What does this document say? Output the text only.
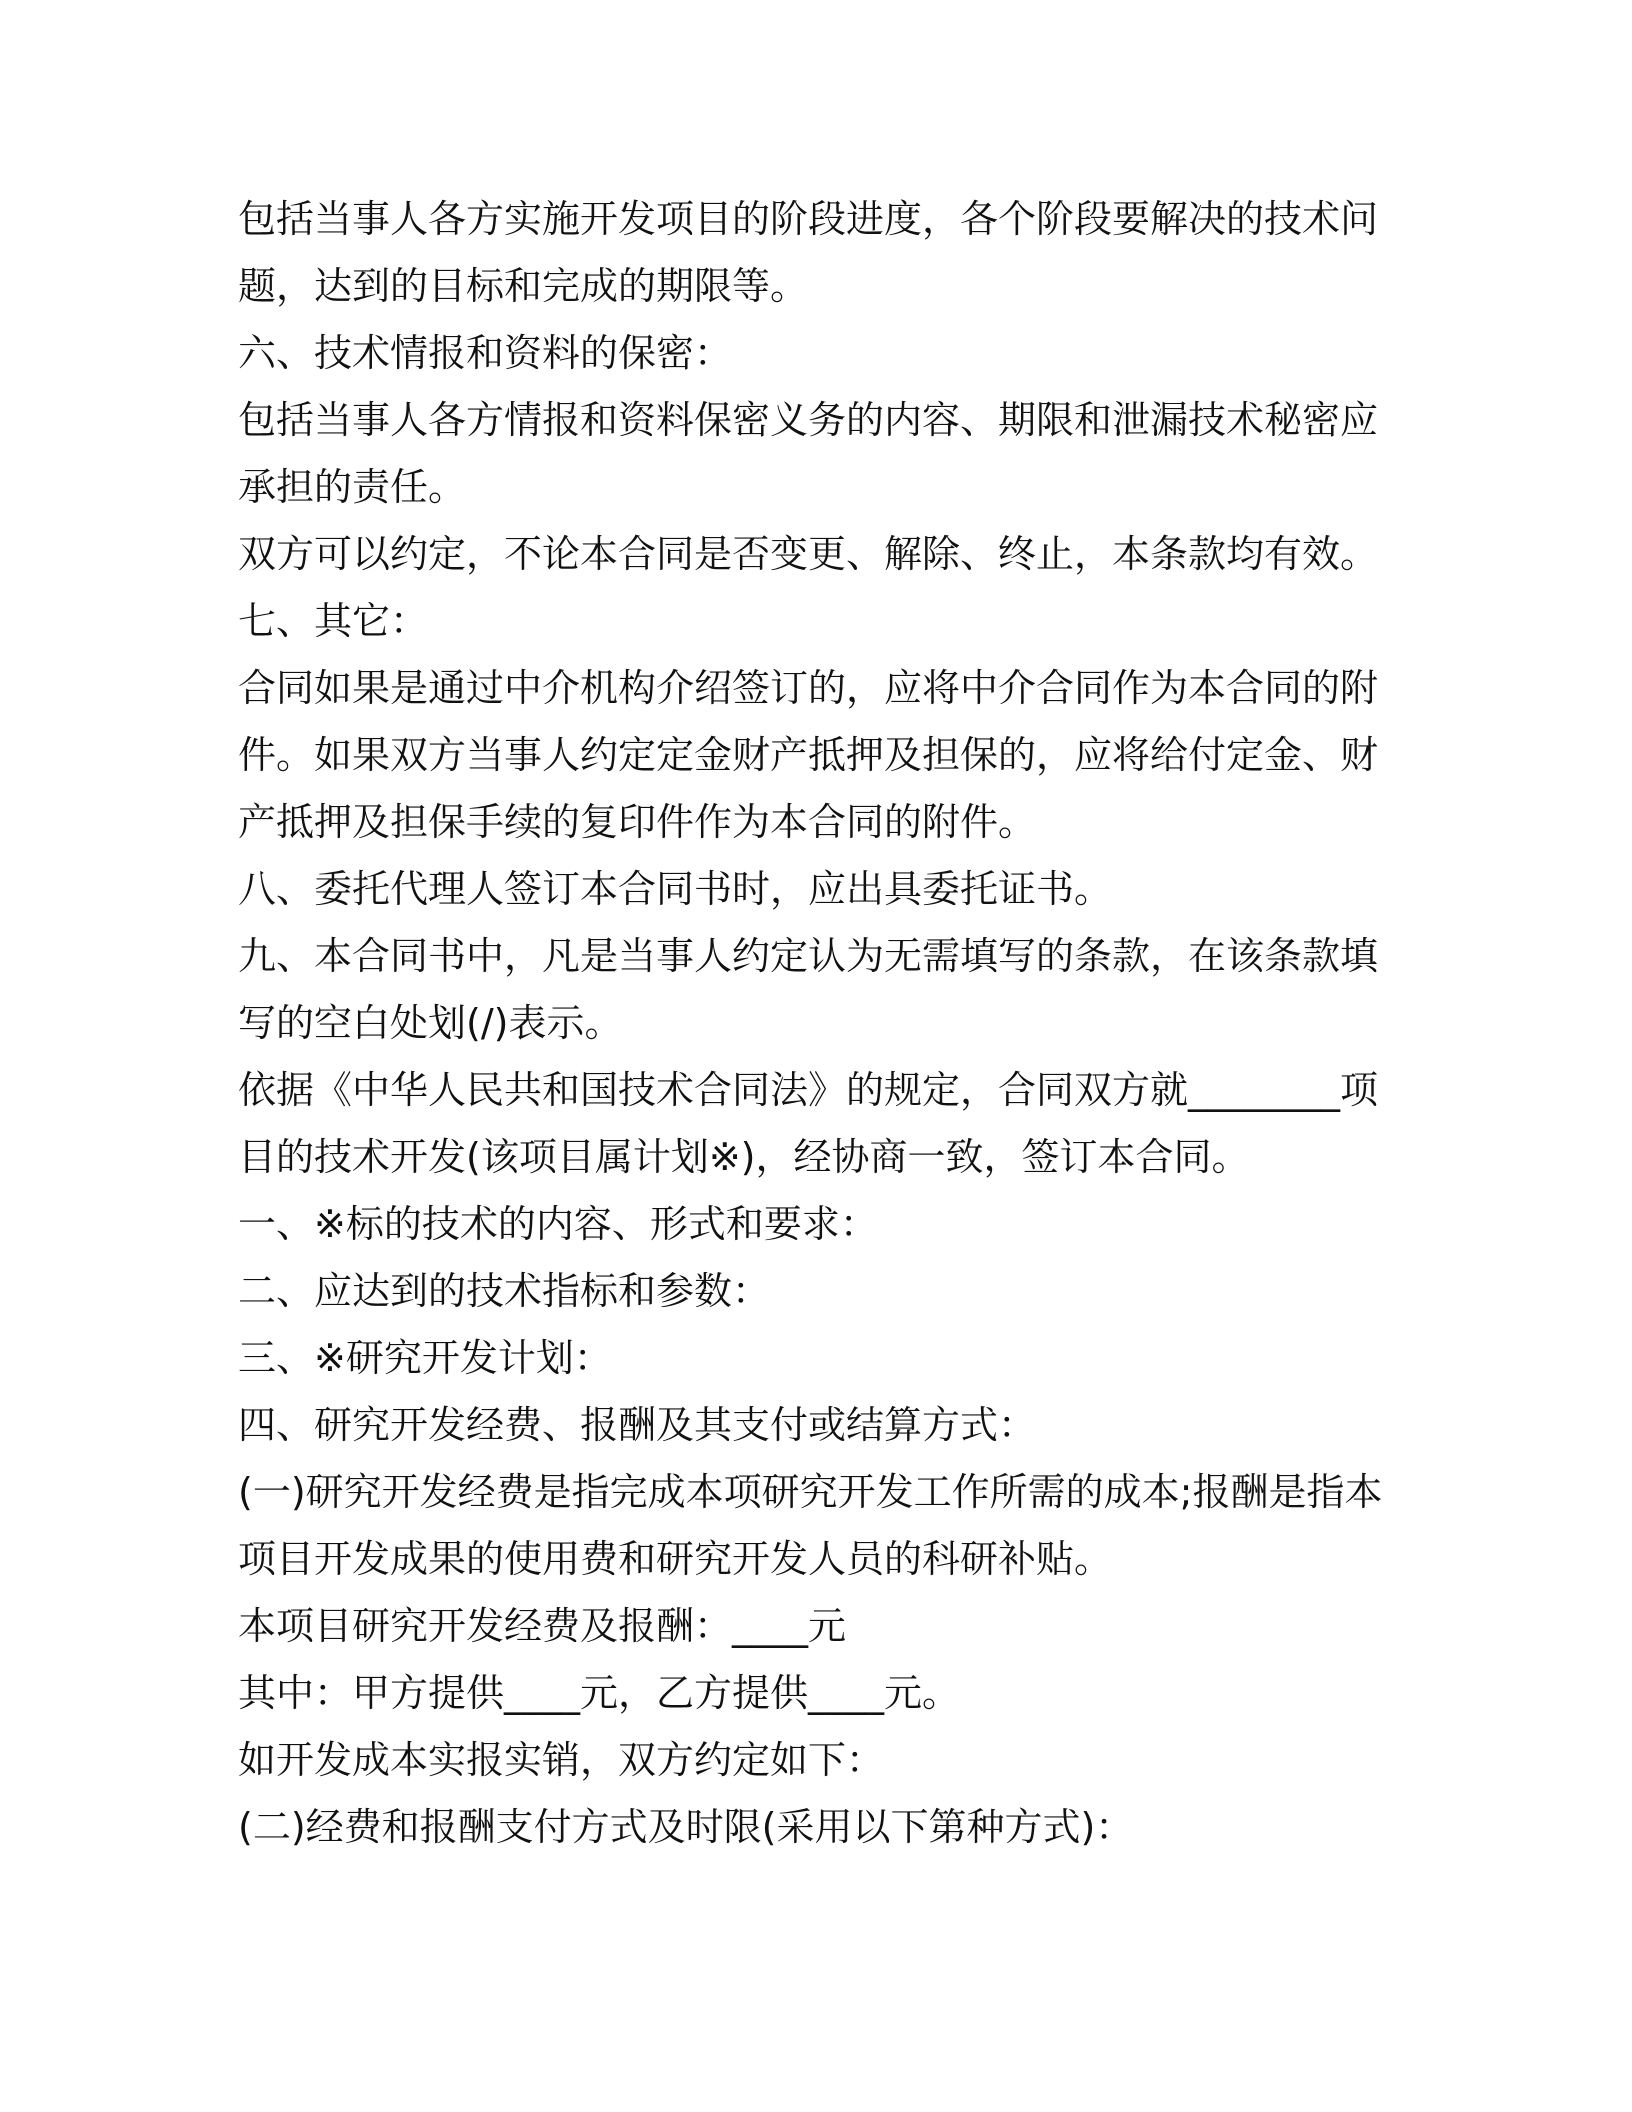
包括当事人各方实施开发项目的阶段进度，各个阶段要解决的技术问
题，达到的目标和完成的期限等。
六、技术情报和资料的保密：
包括当事人各方情报和资料保密义务的内容、期限和泄漏技术秘密应
承担的责任。
双方可以约定，不论本合同是否变更、解除、终止，本条款均有效。
七、其它：
合同如果是通过中介机构介绍签订的，应将中介合同作为本合同的附
件。如果双方当事人约定定金财产抵押及担保的，应将给付定金、财
产抵押及担保手续的复印件作为本合同的附件。
八、委托代理人签订本合同书时，应出具委托证书。
九、本合同书中，凡是当事人约定认为无需填写的条款，在该条款填
写的空白处划(/)表示。
依据《中华人民共和国技术合同法》的规定，合同双方就________项
目的技术开发(该项目属计划※)，经协商一致，签订本合同。
一、※标的技术的内容、形式和要求：
二、应达到的技术指标和参数：
三、※研究开发计划：
四、研究开发经费、报酬及其支付或结算方式：
(一)研究开发经费是指完成本项研究开发工作所需的成本;报酬是指本
项目开发成果的使用费和研究开发人员的科研补贴。
本项目研究开发经费及报酬：____元
其中：甲方提供____元，乙方提供____元。
如开发成本实报实销，双方约定如下：
(二)经费和报酬支付方式及时限(采用以下第种方式)：
